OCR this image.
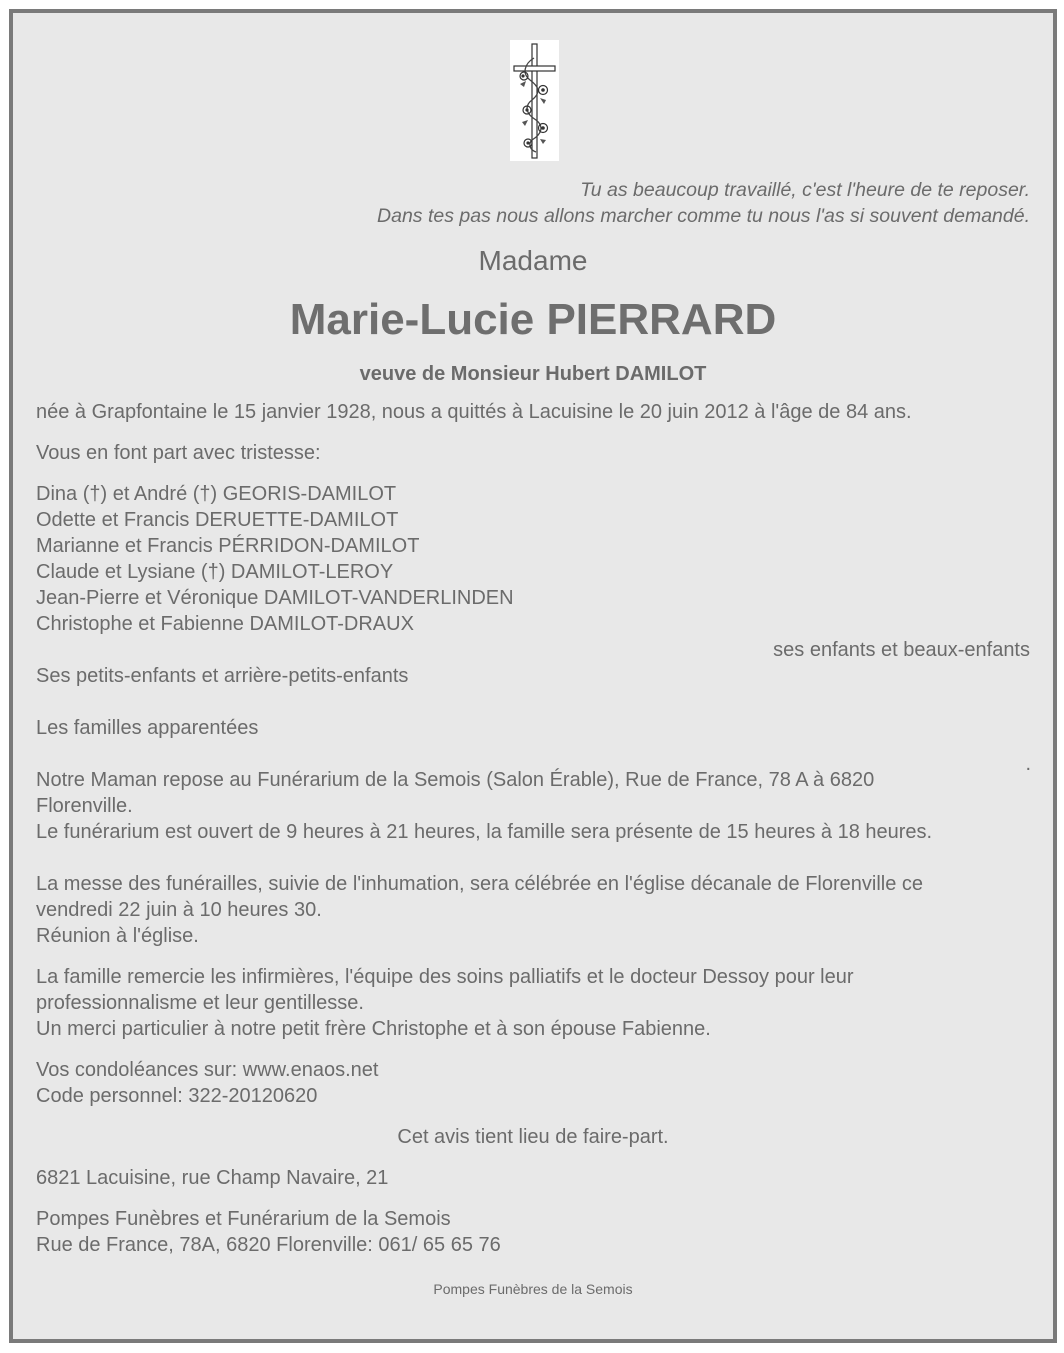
Tu as beaucoup travaillé, c'est l'heure de te reposer.
Dans tes pas nous allons marcher comme tu nous l'as si souvent demandé.
Madame
Marie-Lucie PIERRARD
veuve de Monsieur Hubert DAMILOT
née à Grapfontaine le 15 janvier 1928, nous a quittés à Lacuisine le 20 juin 2012 à l'âge de 84 ans.
Vous en font part avec tristesse:
Dina (†) et André (†) GEORIS-DAMILOT
Odette et Francis DERUETTE-DAMILOT
Marianne et Francis PÉRRIDON-DAMILOT
Claude et Lysiane (†) DAMILOT-LEROY
Jean-Pierre et Véronique DAMILOT-VANDERLINDEN
Christophe et Fabienne DAMILOT-DRAUX
ses enfants et beaux-enfants
Ses petits-enfants et arrière-petits-enfants
Les familles apparentées
.
Notre Maman repose au Funérarium de la Semois (Salon Érable), Rue de France, 78 A à 6820
Florenville.
Le funérarium est ouvert de 9 heures à 21 heures, la famille sera présente de 15 heures à 18 heures.
La messe des funérailles, suivie de l'inhumation, sera célébrée en l'église décanale de Florenville ce
vendredi 22 juin à 10 heures 30.
Réunion à l'église.
La famille remercie les infirmières, l'équipe des soins palliatifs et le docteur Dessoy pour leur
professionnalisme et leur gentillesse.
Un merci particulier à notre petit frère Christophe et à son épouse Fabienne.
Vos condoléances sur: www.enaos.net
Code personnel: 322-20120620
Cet avis tient lieu de faire-part.
6821 Lacuisine, rue Champ Navaire, 21
Pompes Funèbres et Funérarium de la Semois
Rue de France, 78A, 6820 Florenville: 061/ 65 65 76
Pompes Funèbres de la Semois
